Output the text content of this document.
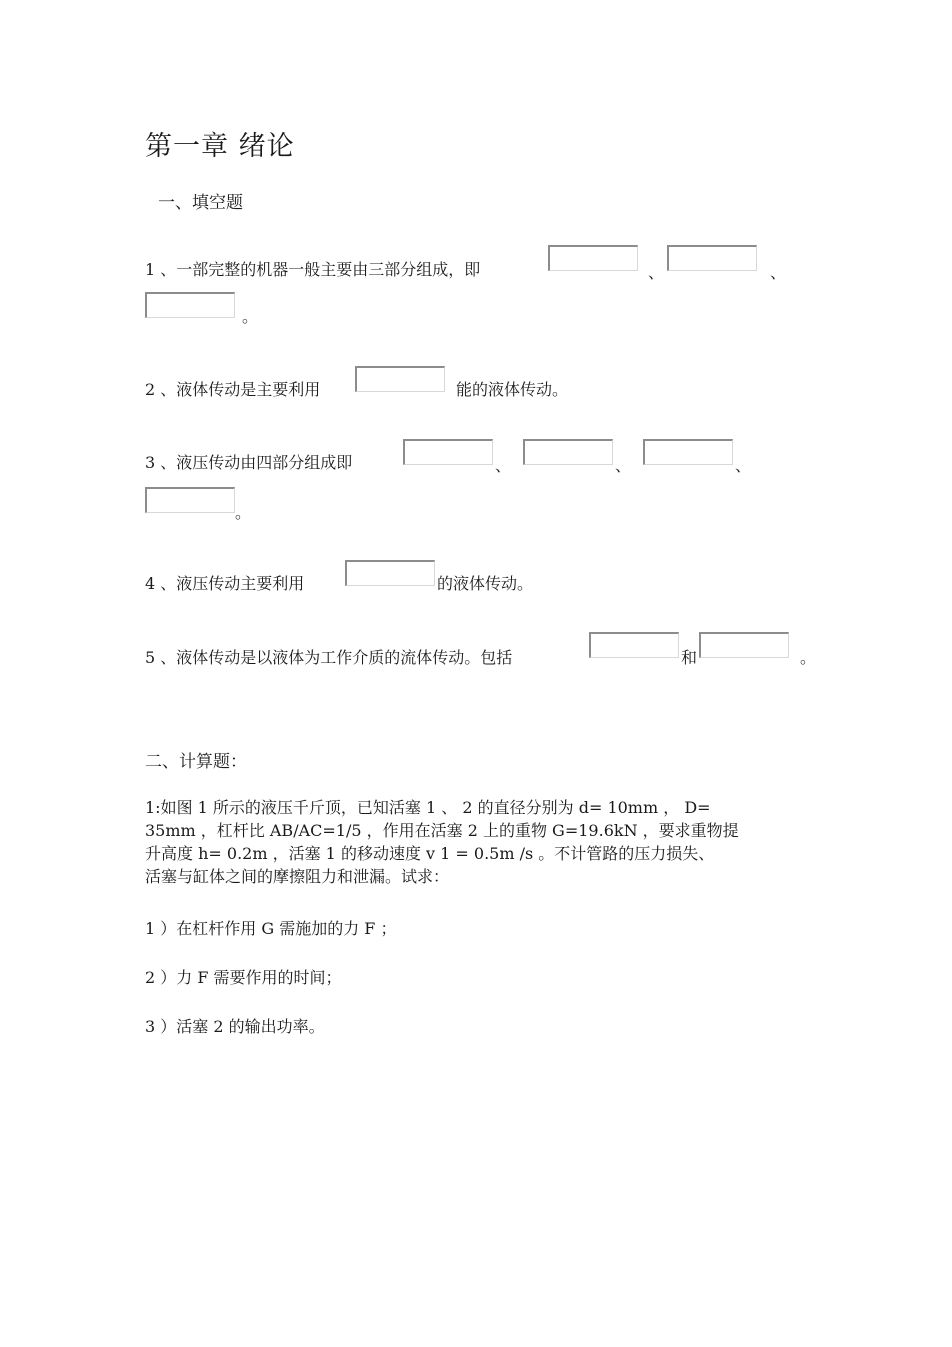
第一章 绪论
一、填空题
1 、一部完整的机器一般主要由三部分组成，即	、	、
。
2 、液体传动是主要利用	能的液体传动。
3 、液压传动由四部分组成即	、	、	、
。
4 、液压传动主要利用	的液体传动。
5 、液体传动是以液体为工作介质的流体传动。包括	和	。
二、计算题：
1:如图 1 所示的液压千斤顶，已知活塞 1 、 2 的直径分别为 d= 10mm ， D=
35mm ，杠杆比 AB/AC=1/5 ，作用在活塞 2 上的重物 G=19.6kN ，要求重物提
升高度 h= 0.2m ，活塞 1 的移动速度 v 1 = 0.5m /s 。不计管路的压力损失、
活塞与缸体之间的摩擦阻力和泄漏。试求：
1 ）在杠杆作用 G 需施加的力 F ；
2 ）力 F 需要作用的时间；
3 ）活塞 2 的输出功率。
